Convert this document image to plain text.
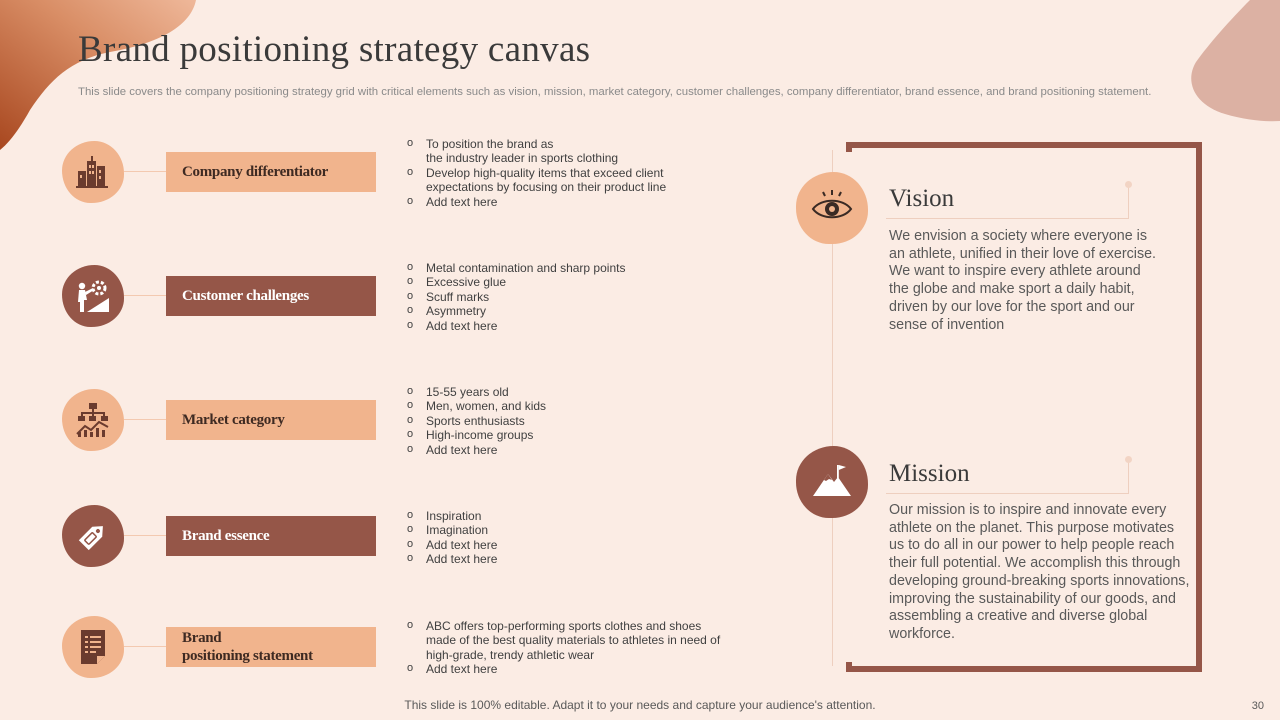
Brand positioning strategy canvas
This slide covers the company positioning strategy grid with critical elements such as vision, mission, market category, customer challenges, company differentiator, brand essence, and brand positioning statement.
Company differentiator
o To position the brand as
the industry leader in sports clothing
o Develop high-quality items that exceed client expectations by focusing on their product line
o Add text here
Customer challenges
o Metal contamination and sharp points
o Excessive glue
o Scuff marks
o Asymmetry
o Add text here
Market category
o 15-55 years old
o Men, women, and kids
o Sports enthusiasts
o High-income groups
o Add text here
Brand essence
o Inspiration
o Imagination
o Add text here
o Add text here
Brand
positioning statement
o ABC offers top-performing sports clothes and shoes made of the best quality materials to athletes in need of high-grade, trendy athletic wear
o Add text here
Vision

We envision a society where everyone is an athlete, unified in their love of exercise. We want to inspire every athlete around the globe and make sport a daily habit, driven by our love for the sport and our sense of invention

Mission

Our mission is to inspire and innovate every athlete on the planet. This purpose motivates us to do all in our power to help people reach their full potential. We accomplish this through developing ground-breaking sports innovations, improving the sustainability of our goods, and assembling a creative and diverse global workforce.

This slide is 100% editable. Adapt it to your needs and capture your audience's attention.	30
